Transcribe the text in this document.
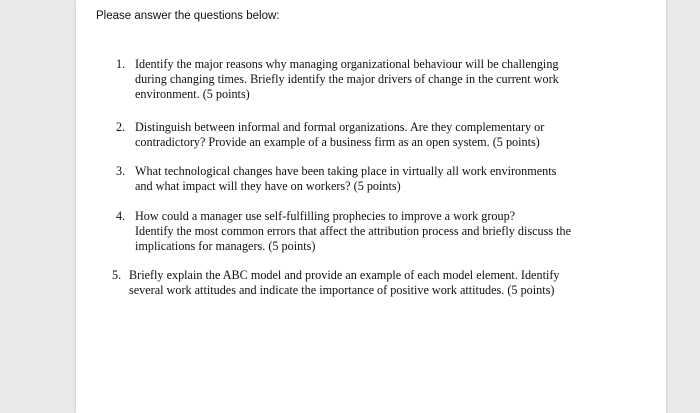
Please answer the questions below:
1. Identify the major reasons why managing organizational behaviour will be challenging
during changing times. Briefly identify the major drivers of change in the current work
environment. (5 points)
2. Distinguish between informal and formal organizations. Are they complementary or
contradictory? Provide an example of a business firm as an open system. (5 points)
3. What technological changes have been taking place in virtually all work environments
and what impact will they have on workers? (5 points)
4. How could a manager use self-fulfilling prophecies to improve a work group?
Identify the most common errors that affect the attribution process and briefly discuss the
implications for managers. (5 points)
5. Briefly explain the ABC model and provide an example of each model element. Identify
several work attitudes and indicate the importance of positive work attitudes. (5 points)
